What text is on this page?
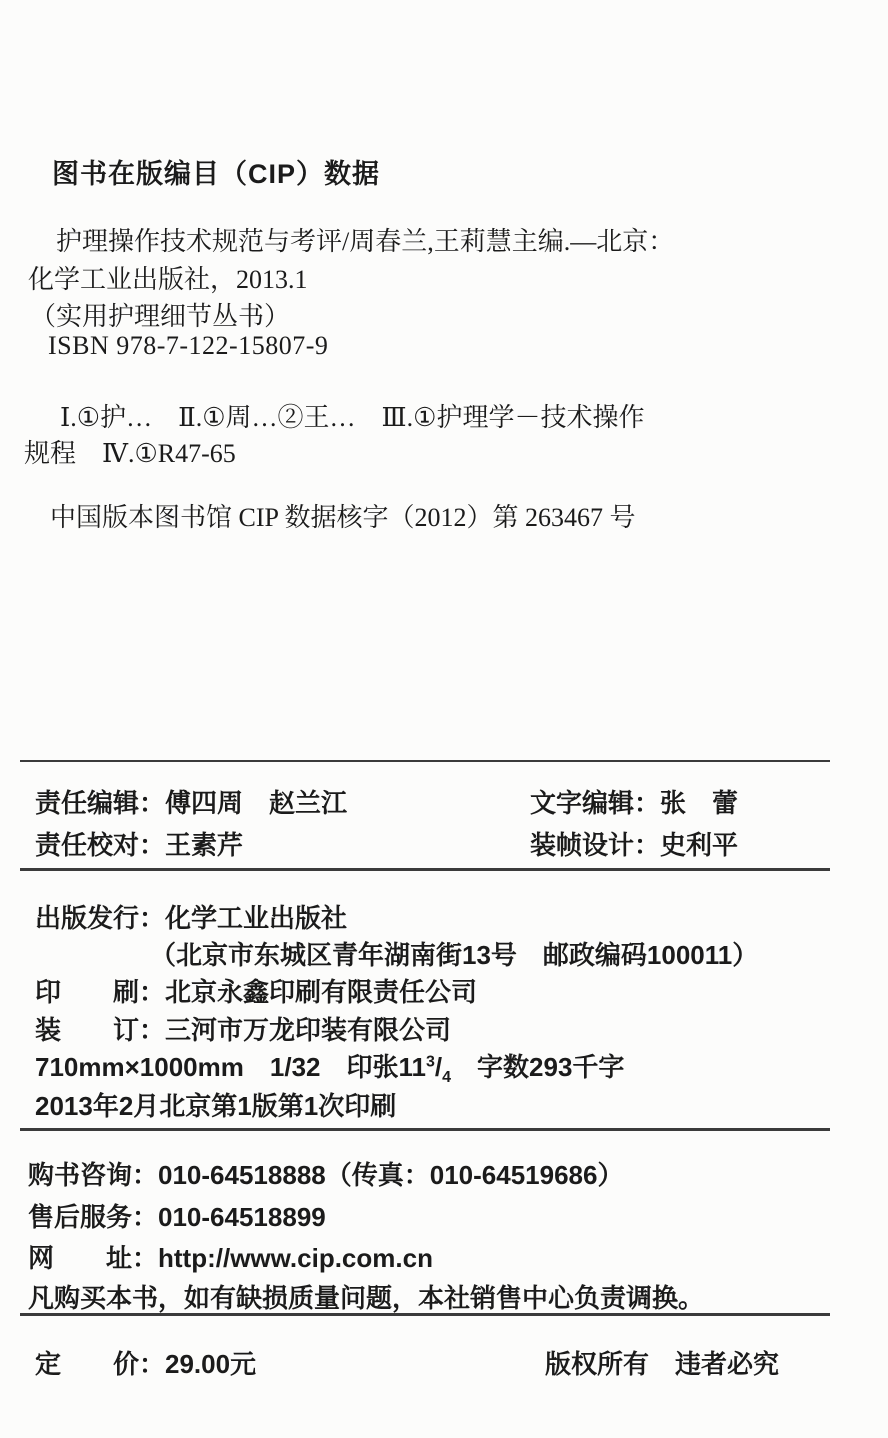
图书在版编目（CIP）数据
护理操作技术规范与考评/周春兰,王莉慧主编.—北京：
化学工业出版社，2013.1
（实用护理细节丛书）
ISBN 978-7-122-15807-9
Ⅰ.①护…　Ⅱ.①周…②王…　Ⅲ.①护理学－技术操作
规程　Ⅳ.①R47-65
中国版本图书馆 CIP 数据核字（2012）第 263467 号
责任编辑：傅四周　赵兰江	文字编辑：张　蕾
责任校对：王素芹	装帧设计：史利平
出版发行：化学工业出版社
（北京市东城区青年湖南街13号　邮政编码100011）
印　　刷：北京永鑫印刷有限责任公司
装　　订：三河市万龙印装有限公司
710mm×1000mm 1/32 印张$11^3/_4$ 字数293千字
2013年2月北京第1版第1次印刷
购书咨询：010-64518888（传真：010-64519686）
售后服务：010-64518899
网　　址：http://www.cip.com.cn
凡购买本书，如有缺损质量问题，本社销售中心负责调换。
定　　价：29.00元	版权所有　违者必究
